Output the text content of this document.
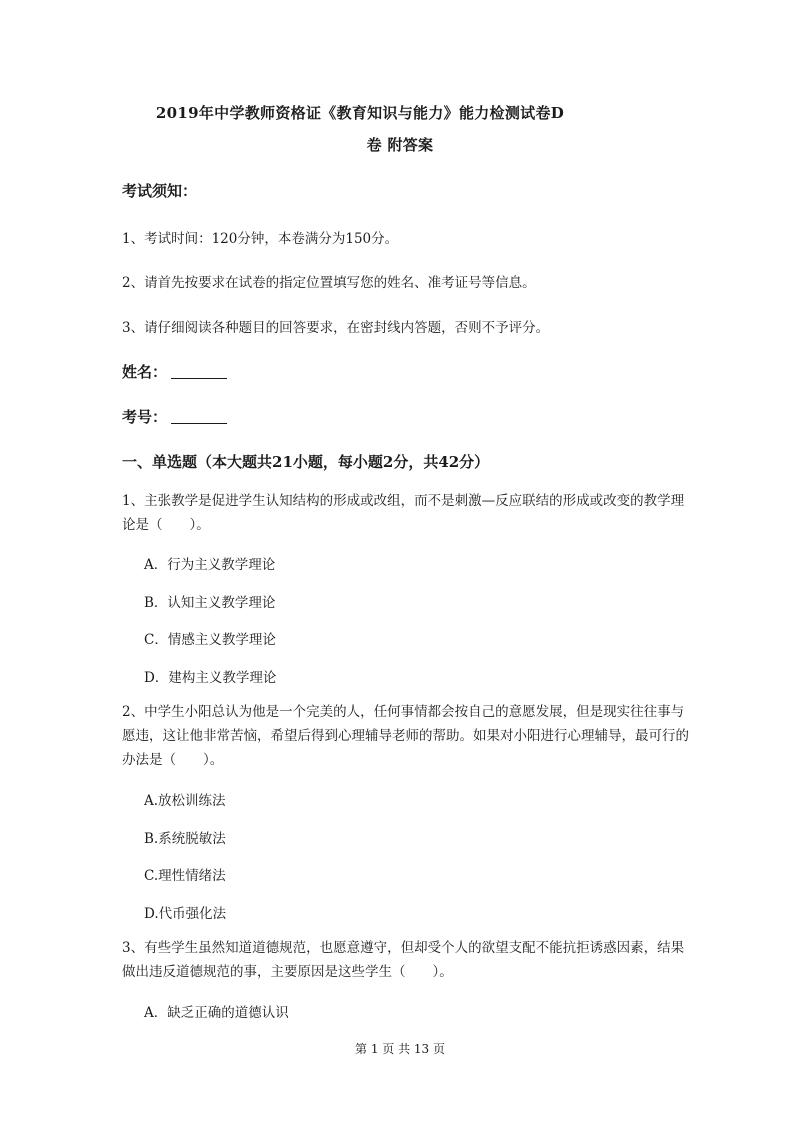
2019年中学教师资格证《教育知识与能力》能力检测试卷D
卷 附答案
考试须知：
1、考试时间：120分钟，本卷满分为150分。
2、请首先按要求在试卷的指定位置填写您的姓名、准考证号等信息。
3、请仔细阅读各种题目的回答要求，在密封线内答题，否则不予评分。
姓名：
考号：
一、单选题（本大题共21小题，每小题2分，共42分）
1、主张教学是促进学生认知结构的形成或改组，而不是刺激—反应联结的形成或改变的教学理论是（　　）。
A．行为主义教学理论
B．认知主义教学理论
C．情感主义教学理论
D．建构主义教学理论
2、中学生小阳总认为他是一个完美的人，任何事情都会按自己的意愿发展，但是现实往往事与愿违，这让他非常苦恼，希望后得到心理辅导老师的帮助。如果对小阳进行心理辅导，最可行的办法是（　　）。
A.放松训练法
B.系统脱敏法
C.理性情绪法
D.代币强化法
3、有些学生虽然知道道德规范，也愿意遵守，但却受个人的欲望支配不能抗拒诱惑因素，结果做出违反道德规范的事，主要原因是这些学生（　　）。
A．缺乏正确的道德认识
第 1 页 共 13 页
